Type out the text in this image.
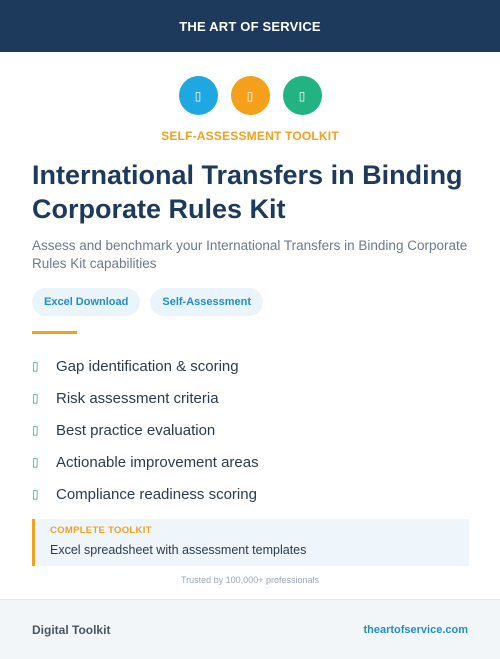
THE ART OF SERVICE
▯	▯	▯
SELF-ASSESSMENT TOOLKIT
International Transfers in Binding Corporate Rules Kit

Assess and benchmark your International Transfers in Binding Corporate Rules Kit capabilities

Excel Download	Self-Assessment
▯	Gap identification & scoring
▯	Risk assessment criteria
▯	Best practice evaluation
▯	Actionable improvement areas
▯	Compliance readiness scoring
COMPLETE TOOLKIT
Excel spreadsheet with assessment templates
Trusted by 100,000+ professionals
Digital Toolkit	theartofservice.com
